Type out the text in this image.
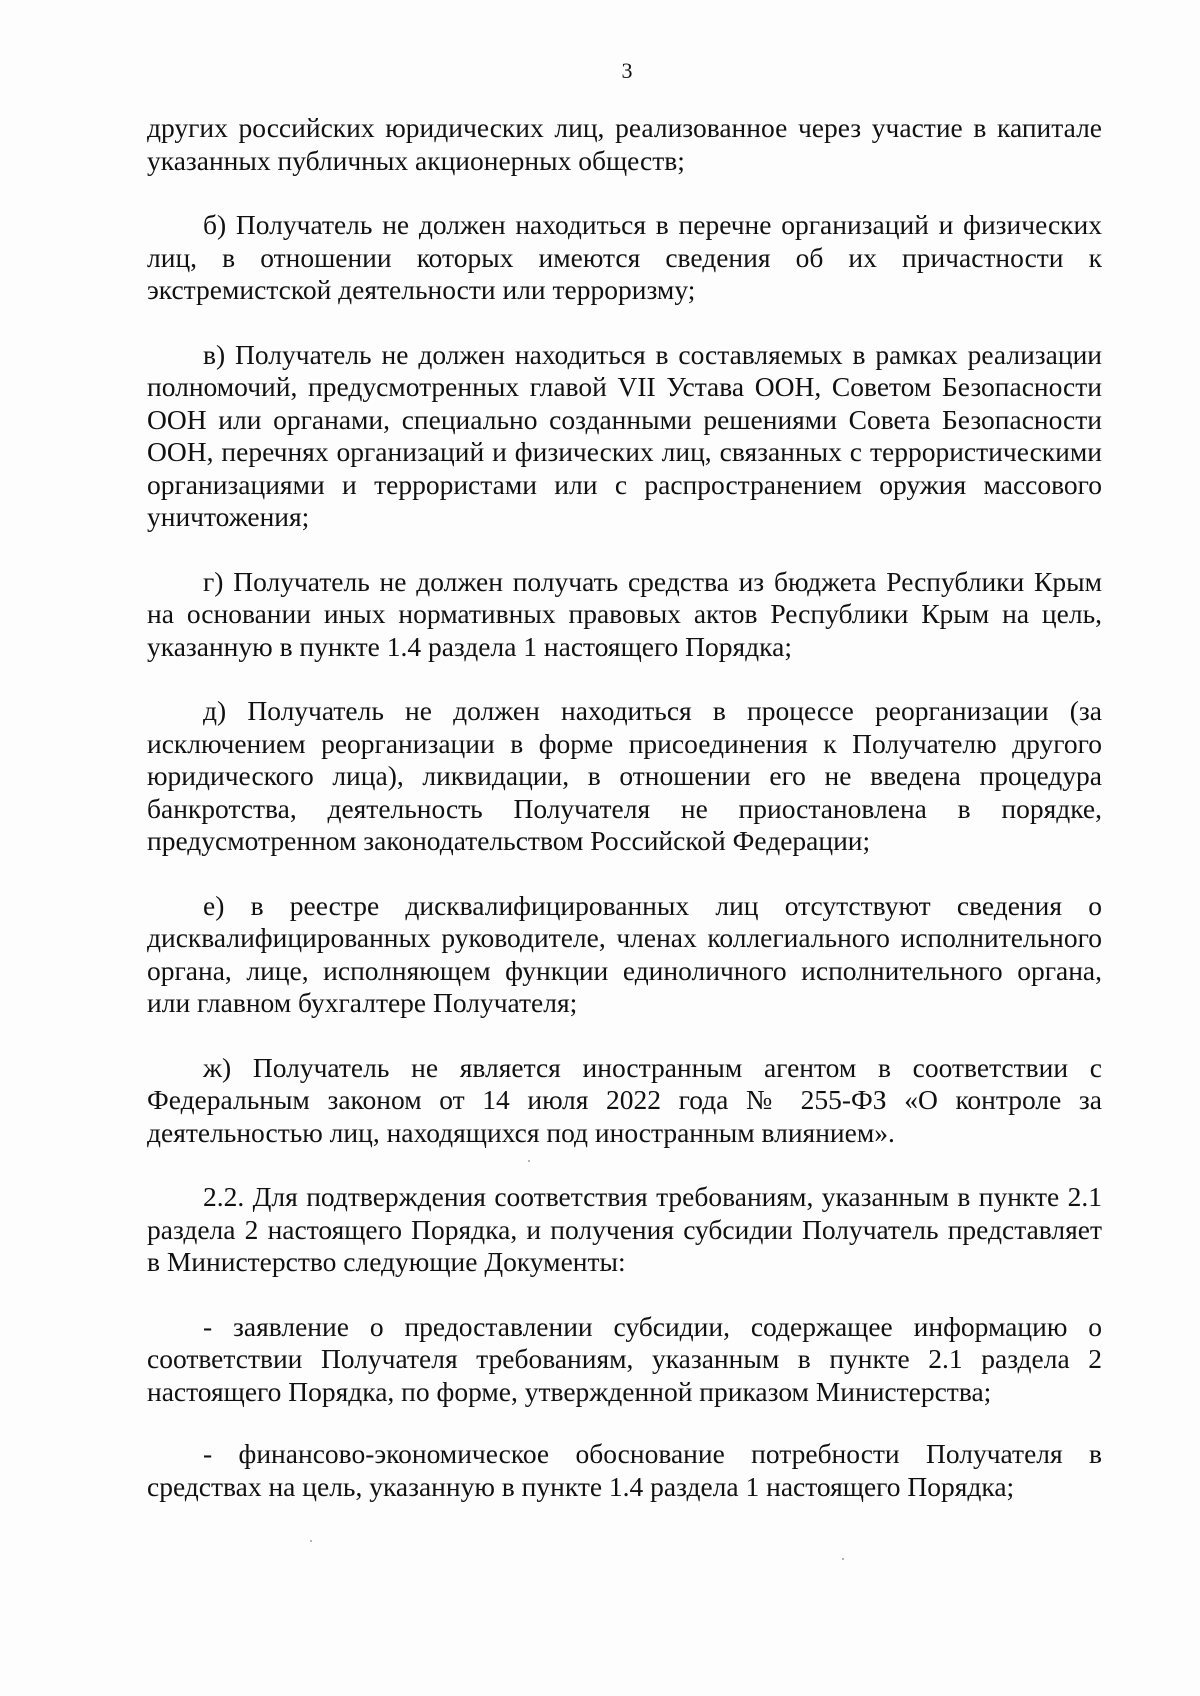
3

других российских юридических лиц, реализованное через участие в капитале указанных публичных акционерных обществ;

б) Получатель не должен находиться в перечне организаций и физических лиц, в отношении которых имеются сведения об их причастности к экстремистской деятельности или терроризму;

в) Получатель не должен находиться в составляемых в рамках реализации полномочий, предусмотренных главой VII Устава ООН, Советом Безопасности ООН или органами, специально созданными решениями Совета Безопасности ООН, перечнях организаций и физических лиц, связанных с террористическими организациями и террористами или с распространением оружия массового уничтожения;

г) Получатель не должен получать средства из бюджета Республики Крым на основании иных нормативных правовых актов Республики Крым на цель, указанную в пункте 1.4 раздела 1 настоящего Порядка;

д) Получатель не должен находиться в процессе реорганизации (за исключением реорганизации в форме присоединения к Получателю другого юридического лица), ликвидации, в отношении его не введена процедура банкротства, деятельность Получателя не приостановлена в порядке, предусмотренном законодательством Российской Федерации;

е) в реестре дисквалифицированных лиц отсутствуют сведения о дисквалифицированных руководителе, членах коллегиального исполнительного органа, лице, исполняющем функции единоличного исполнительного органа, или главном бухгалтере Получателя;

ж) Получатель не является иностранным агентом в соответствии с Федеральным законом от 14 июля 2022 года № 255-ФЗ «О контроле за деятельностью лиц, находящихся под иностранным влиянием».

2.2. Для подтверждения соответствия требованиям, указанным в пункте 2.1 раздела 2 настоящего Порядка, и получения субсидии Получатель представляет в Министерство следующие Документы:

- заявление о предоставлении субсидии, содержащее информацию о соответствии Получателя требованиям, указанным в пункте 2.1 раздела 2 настоящего Порядка, по форме, утвержденной приказом Министерства;

- финансово-экономическое обоснование потребности Получателя в средствах на цель, указанную в пункте 1.4 раздела 1 настоящего Порядка;
